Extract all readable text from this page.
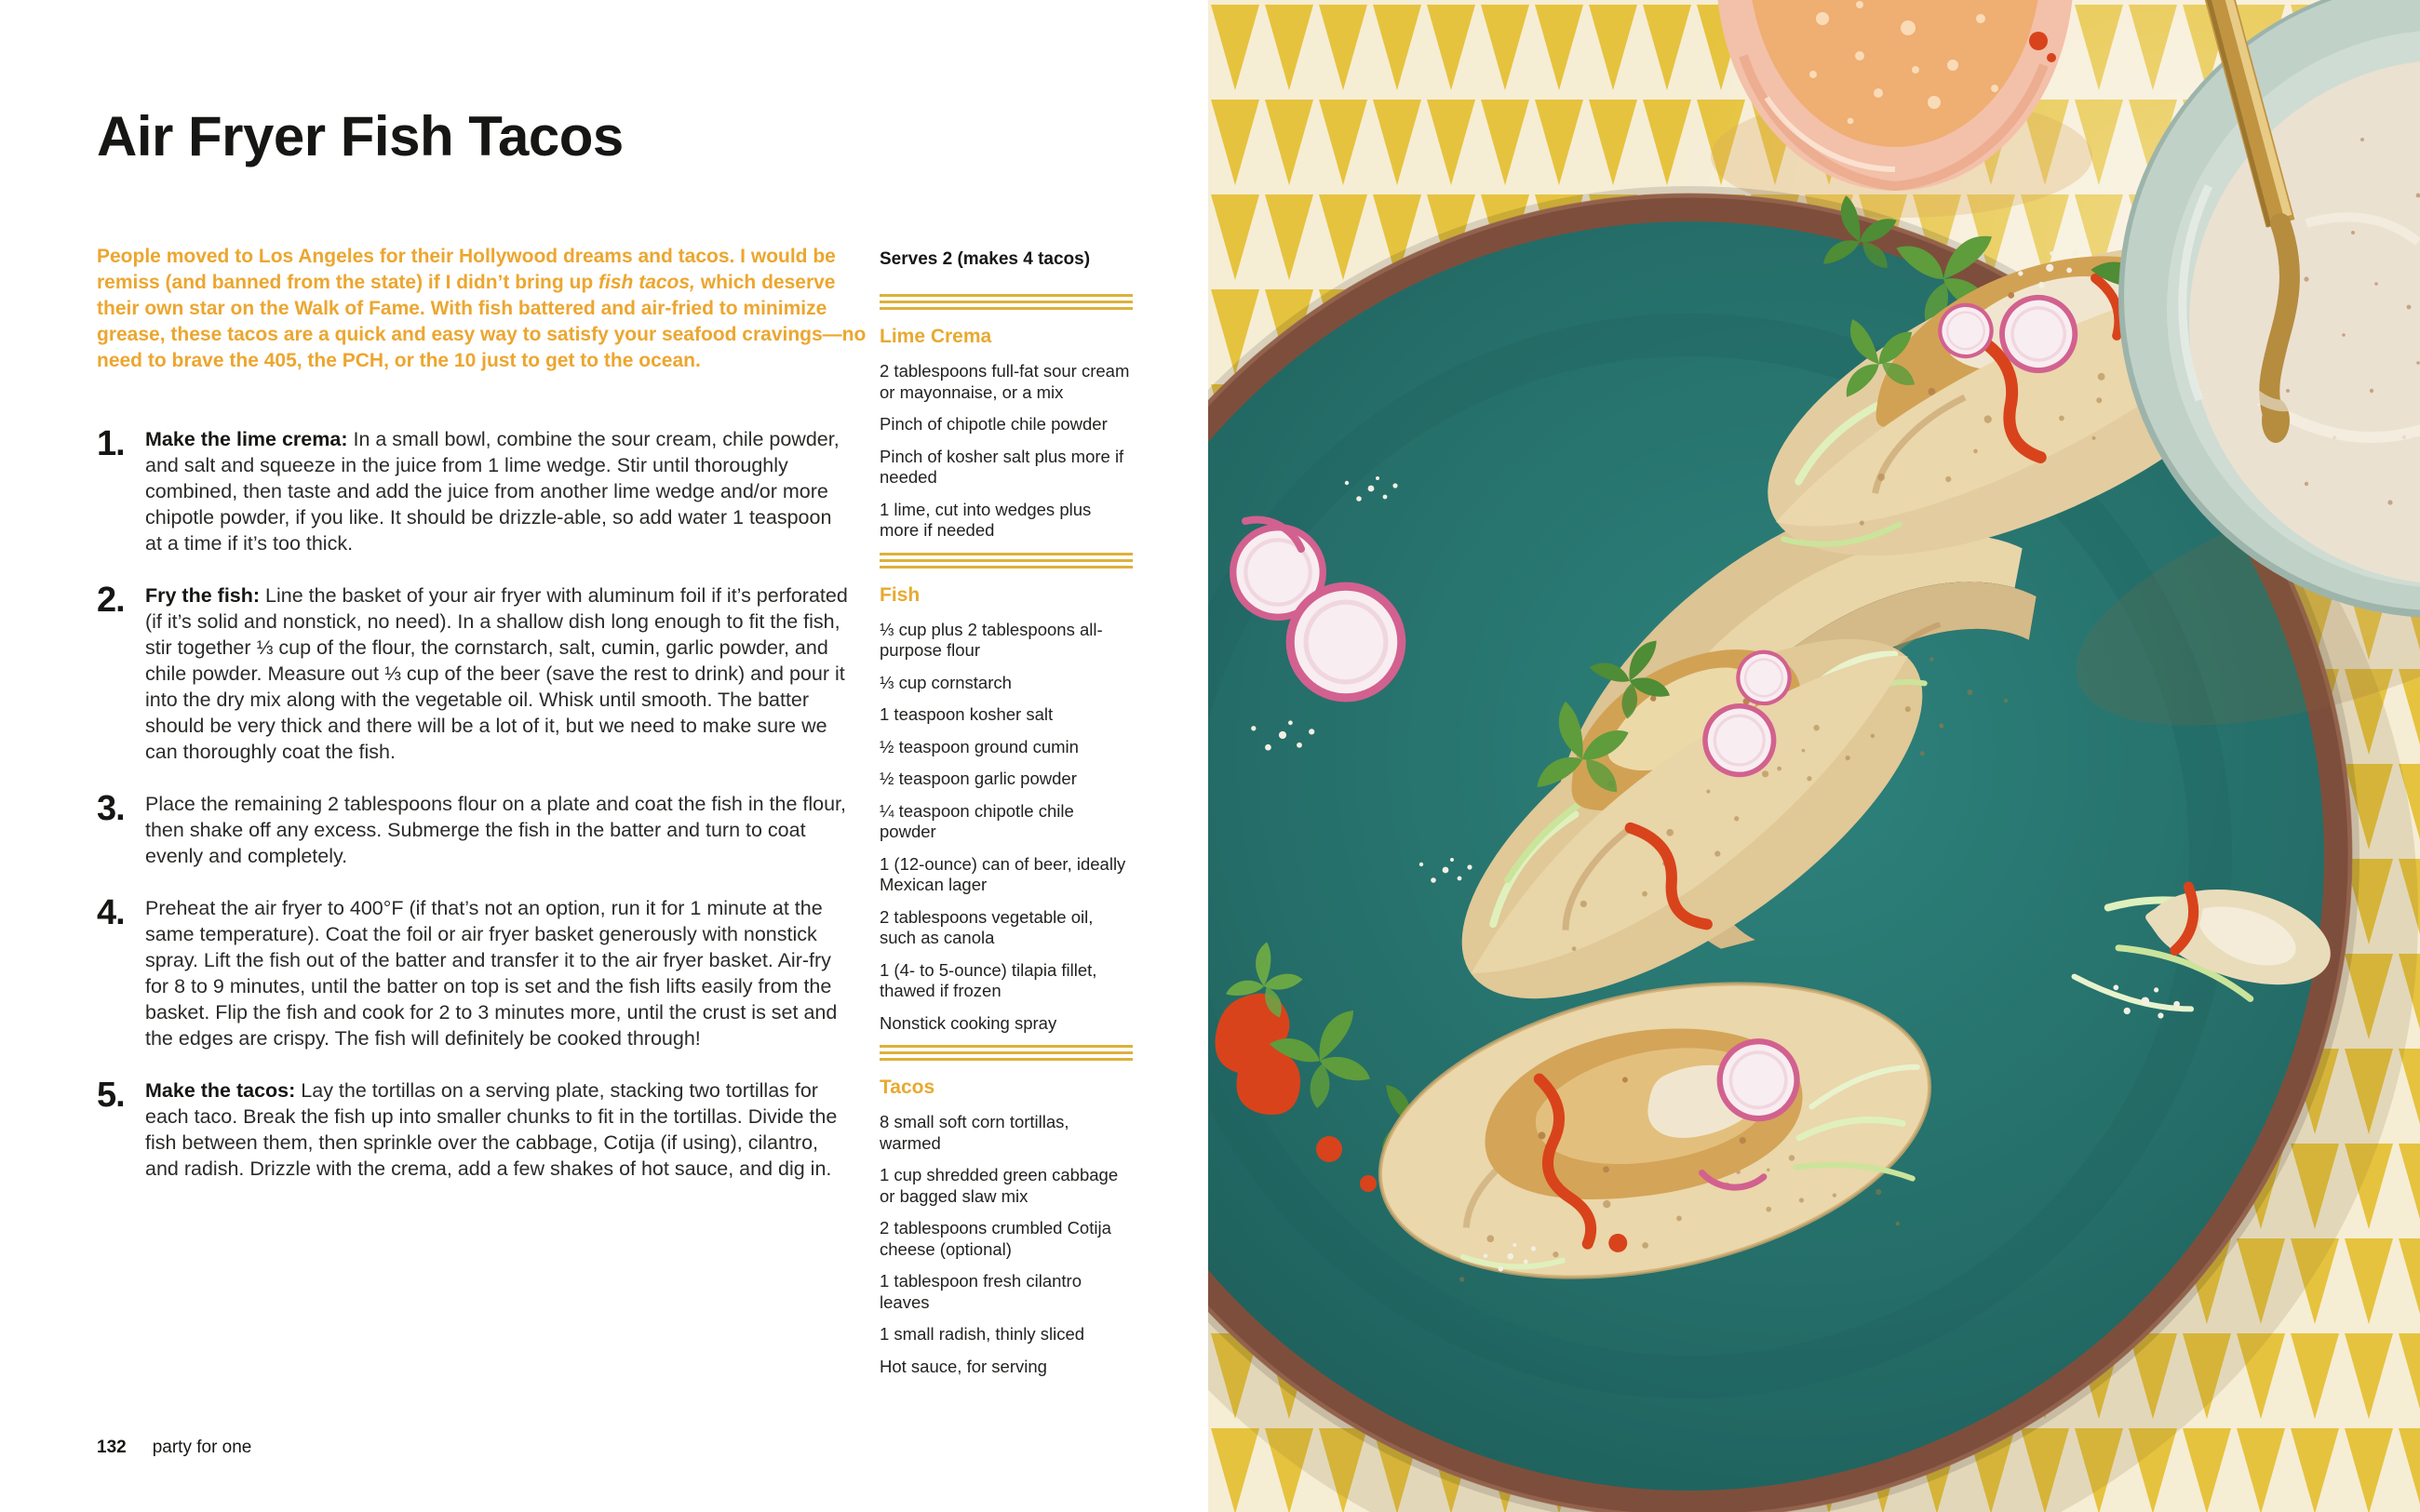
Air Fryer Fish Tacos

People moved to Los Angeles for their Hollywood dreams and tacos. I would be remiss (and banned from the state) if I didn’t bring up fish tacos, which deserve their own star on the Walk of Fame. With fish battered and air-fried to minimize grease, these tacos are a quick and easy way to satisfy your seafood cravings—no need to brave the 405, the PCH, or the 10 just to get to the ocean.

1.	Make the lime crema: In a small bowl, combine the sour cream, chile powder, and salt and squeeze in the juice from 1 lime wedge. Stir until thoroughly combined, then taste and add the juice from another lime wedge and/or more chipotle powder, if you like. It should be drizzle-able, so add water 1 teaspoon at a time if it’s too thick.
2.	Fry the fish: Line the basket of your air fryer with aluminum foil if it’s perforated (if it’s solid and nonstick, no need). In a shallow dish long enough to fit the fish, stir together ⅓ cup of the flour, the cornstarch, salt, cumin, garlic powder, and chile powder. Measure out ⅓ cup of the beer (save the rest to drink) and pour it into the dry mix along with the vegetable oil. Whisk until smooth. The batter should be very thick and there will be a lot of it, but we need to make sure we can thoroughly coat the fish.
3.	Place the remaining 2 tablespoons flour on a plate and coat the fish in the flour, then shake off any excess. Submerge the fish in the batter and turn to coat evenly and completely.
4.	Preheat the air fryer to 400°F (if that’s not an option, run it for 1 minute at the same temperature). Coat the foil or air fryer basket generously with nonstick spray. Lift the fish out of the batter and transfer it to the air fryer basket. Air-fry for 8 to 9 minutes, until the batter on top is set and the fish lifts easily from the basket. Flip the fish and cook for 2 to 3 minutes more, until the crust is set and the edges are crispy. The fish will definitely be cooked through!
5.	Make the tacos: Lay the tortillas on a serving plate, stacking two tortillas for each taco. Break the fish up into smaller chunks to fit in the tortillas. Divide the fish between them, then sprinkle over the cabbage, Cotija (if using), cilantro, and radish. Drizzle with the crema, add a few shakes of hot sauce, and dig in.
Serves 2 (makes 4 tacos)
Lime Crema

2 tablespoons full-fat sour cream or mayonnaise, or a mix

Pinch of chipotle chile powder

Pinch of kosher salt plus more if needed

1 lime, cut into wedges plus more if needed

Fish

⅓ cup plus 2 tablespoons all-purpose flour

⅓ cup cornstarch

1 teaspoon kosher salt

½ teaspoon ground cumin

½ teaspoon garlic powder

¼ teaspoon chipotle chile powder

1 (12-ounce) can of beer, ideally Mexican lager

2 tablespoons vegetable oil, such as canola

1 (4- to 5-ounce) tilapia fillet, thawed if frozen

Nonstick cooking spray

Tacos

8 small soft corn tortillas, warmed

1 cup shredded green cabbage or bagged slaw mix

2 tablespoons crumbled Cotija cheese (optional)

1 tablespoon fresh cilantro leaves

1 small radish, thinly sliced

Hot sauce, for serving

132 party for one
